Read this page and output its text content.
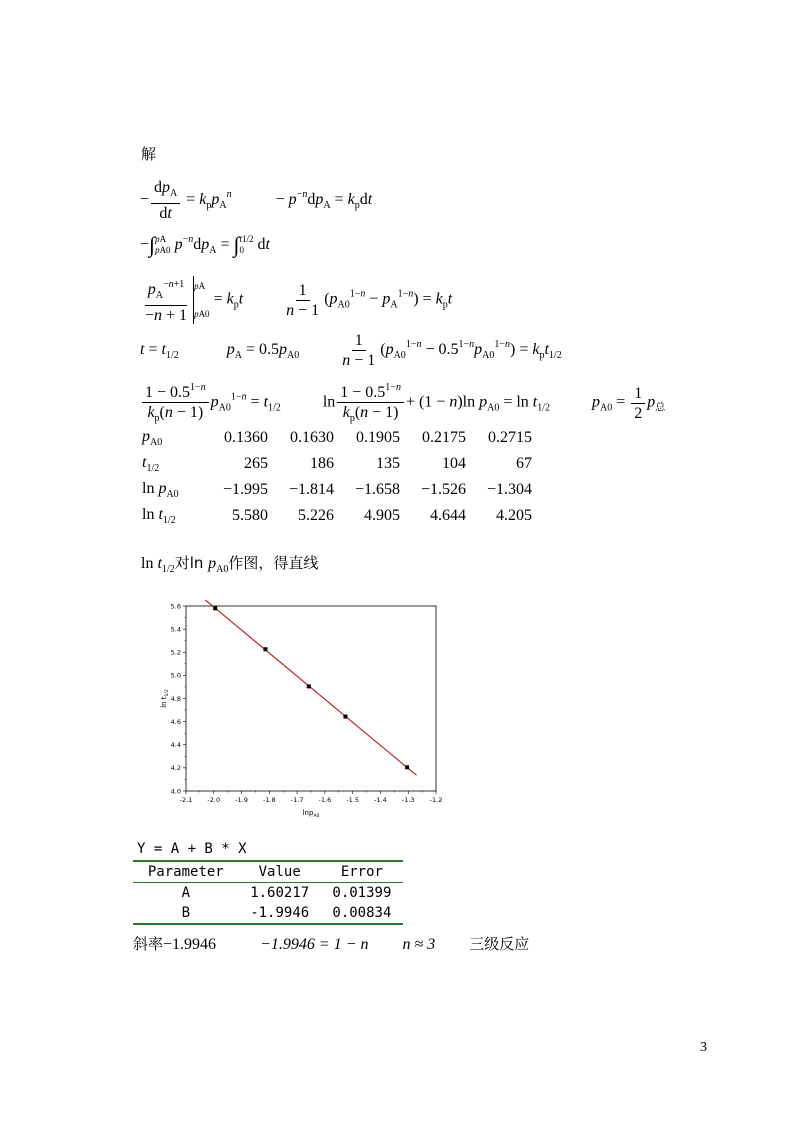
解
− $\frac{dp_A}{dt} = k_pp_A^n$	− $p^{-n}dp_A = k_pdt$
−∫ pA
pA0 $p^{-n}dp_A$ = ∫ t1/2
0 dt
$\frac{p_A^{-n+1}}{-n + 1}$ pA
pA0
= $k_pt$	$\frac{1}{n - 1} (p_{A0}^{1-n} - p_A^{1-n}) = k_pt$
$t = t_{1/2}$	$p_A = 0.5p_{A0}$	$\frac{1}{n - 1} (p_{A0}^{1-n} - 0.5^{1-n}p_{A0}^{1-n}) = k_pt_{1/2}$
$\frac{1 - 0.5^{1-n}}{k_p(n - 1)} p_{A0}^{1-n} = t_{1/2}$  $\ln \frac{1 - 0.5^{1-n}}{k_p(n - 1)} + (1 - n)\ln$ $p_{A0} = \ln t_{1/2}$	$p_{A0} = \frac{1}{2} p_总$
$p_{A0}$	0.1360	0.1630	0.1905	0.2175	0.2715
$t_{1/2}$	265	186	135	104	67
$\ln p_{A0}$	−1.995	−1.814	−1.658	−1.526	−1.304
$\ln t_{1/2}$	5.580	5.226	4.905	4.644	4.205
$\ln t_{1/2}$对$\ln p_{A0}$作图，得直线
-2.1 -2.0 -1.9 -1.8 -1.7 -1.6 -1.5 -1.4 -1.3 -1.2
4.0
4.2
4.4
4.6
4.8
5.0
5.2
5.4
5.6
lnp$_{A0}$
$\ln t_{1/2}$
Y = A + B * X
Parameter	Value	Error
A	1.60217	0.01399
B	-1.9946	0.00834
斜率−1.9946	−1.9946 = 1 − n n ≈ 3 三级反应
3
